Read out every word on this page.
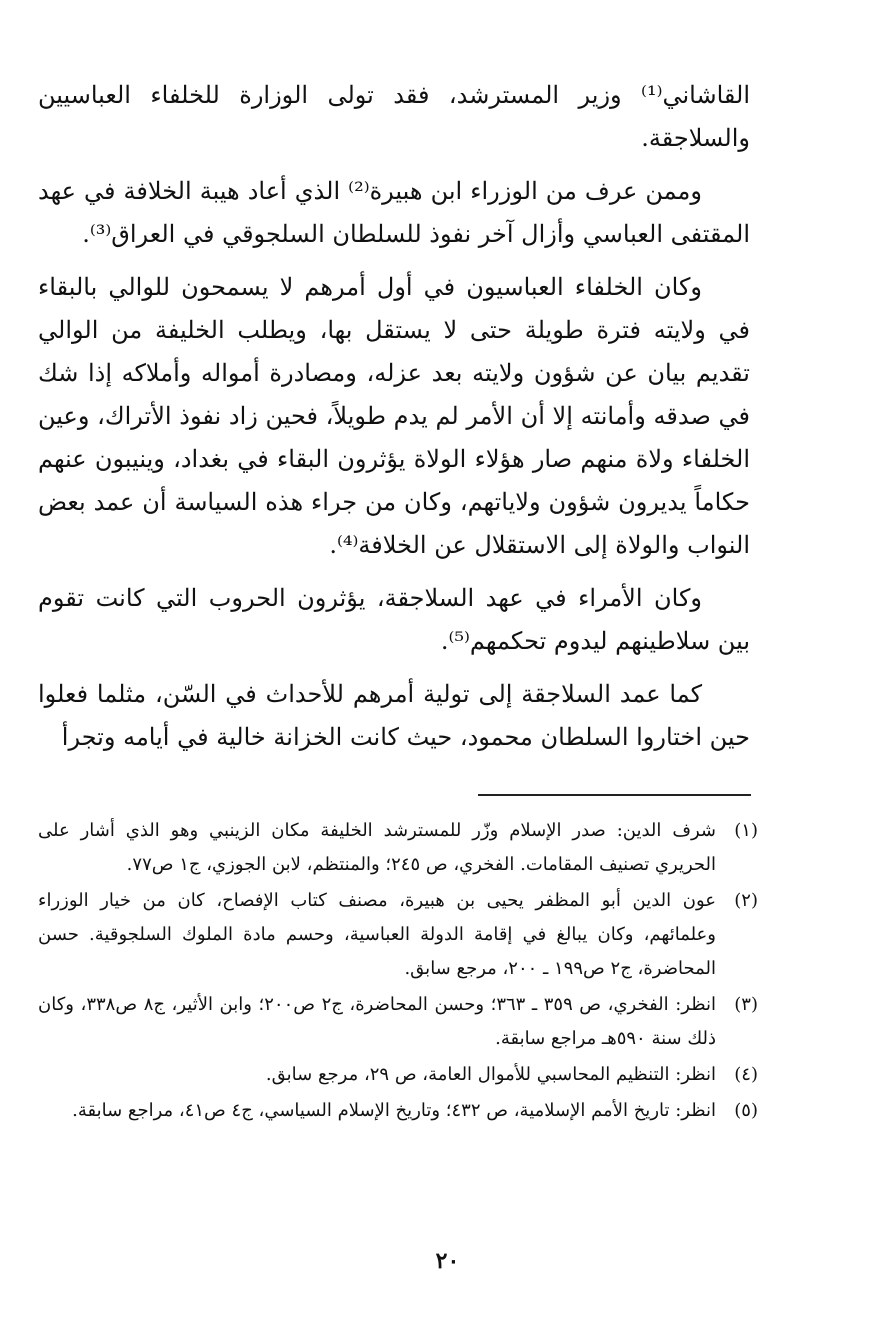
القاشاني⁽¹⁾ وزير المسترشد، فقد تولى الوزارة للخلفاء العباسيين والسلاجقة.

وممن عرف من الوزراء ابن هبيرة⁽²⁾ الذي أعاد هيبة الخلافة في عهد المقتفى العباسي وأزال آخر نفوذ للسلطان السلجوقي في العراق⁽³⁾.

وكان الخلفاء العباسيون في أول أمرهم لا يسمحون للوالي بالبقاء في ولايته فترة طويلة حتى لا يستقل بها، ويطلب الخليفة من الوالي تقديم بيان عن شؤون ولايته بعد عزله، ومصادرة أمواله وأملاكه إذا شك في صدقه وأمانته إلا أن الأمر لم يدم طويلاً، فحين زاد نفوذ الأتراك، وعين الخلفاء ولاة منهم صار هؤلاء الولاة يؤثرون البقاء في بغداد، وينيبون عنهم حكاماً يديرون شؤون ولاياتهم، وكان من جراء هذه السياسة أن عمد بعض النواب والولاة إلى الاستقلال عن الخلافة⁽⁴⁾.

وكان الأمراء في عهد السلاجقة، يؤثرون الحروب التي كانت تقوم بين سلاطينهم ليدوم تحكمهم⁽⁵⁾.

كما عمد السلاجقة إلى تولية أمرهم للأحداث في السّن، مثلما فعلوا حين اختاروا السلطان محمود، حيث كانت الخزانة خالية في أيامه وتجرأ

(١)
شرف الدين: صدر الإسلام وزّر للمسترشد الخليفة مكان الزينبي وهو الذي أشار على الحريري تصنيف المقامات. الفخري، ص ٢٤٥؛ والمنتظم، لابن الجوزي، ج١ ص٧٧.
(٢)
عون الدين أبو المظفر يحيى بن هبيرة، مصنف كتاب الإفصاح، كان من خيار الوزراء وعلمائهم، وكان يبالغ في إقامة الدولة العباسية، وحسم مادة الملوك السلجوقية. حسن المحاضرة، ج٢ ص١٩٩ ـ ٢٠٠، مرجع سابق.
(٣)
انظر: الفخري، ص ٣٥٩ ـ ٣٦٣؛ وحسن المحاضرة، ج٢ ص٢٠٠؛ وابن الأثير، ج٨ ص٣٣٨، وكان ذلك سنة ٥٩٠هـ مراجع سابقة.
(٤)
انظر: التنظيم المحاسبي للأموال العامة، ص ٢٩، مرجع سابق.
(٥)
انظر: تاريخ الأمم الإسلامية، ص ٤٣٢؛ وتاريخ الإسلام السياسي، ج٤ ص٤١، مراجع سابقة.
٢٠
